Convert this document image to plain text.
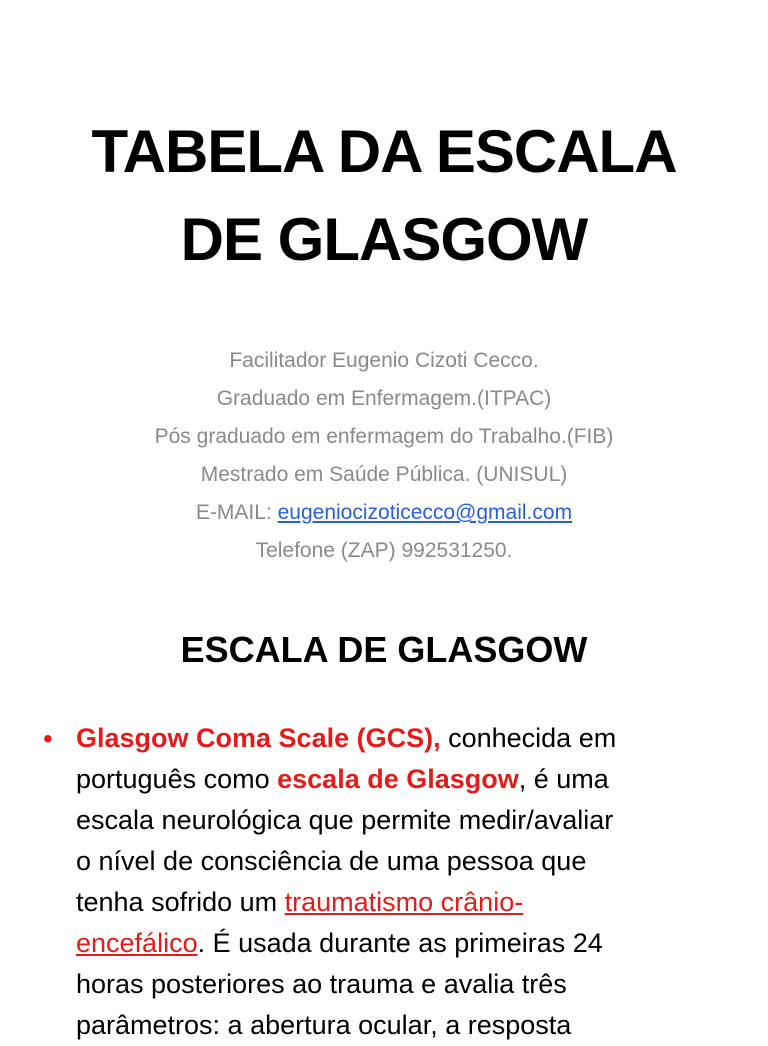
TABELA DA ESCALA
DE GLASGOW
Facilitador Eugenio Cizoti Cecco.
Graduado em Enfermagem.(ITPAC)
Pós graduado em enfermagem do Trabalho.(FIB)
Mestrado em Saúde Pública. (UNISUL)
E-MAIL: eugeniocizoticecco@gmail.com
Telefone (ZAP) 992531250.
ESCALA DE GLASGOW
• Glasgow Coma Scale (GCS), conhecida em
português como escala de Glasgow, é uma
escala neurológica que permite medir/avaliar
o nível de consciência de uma pessoa que
tenha sofrido um traumatismo crânio-
encefálico. É usada durante as primeiras 24
horas posteriores ao trauma e avalia três
parâmetros: a abertura ocular, a resposta
